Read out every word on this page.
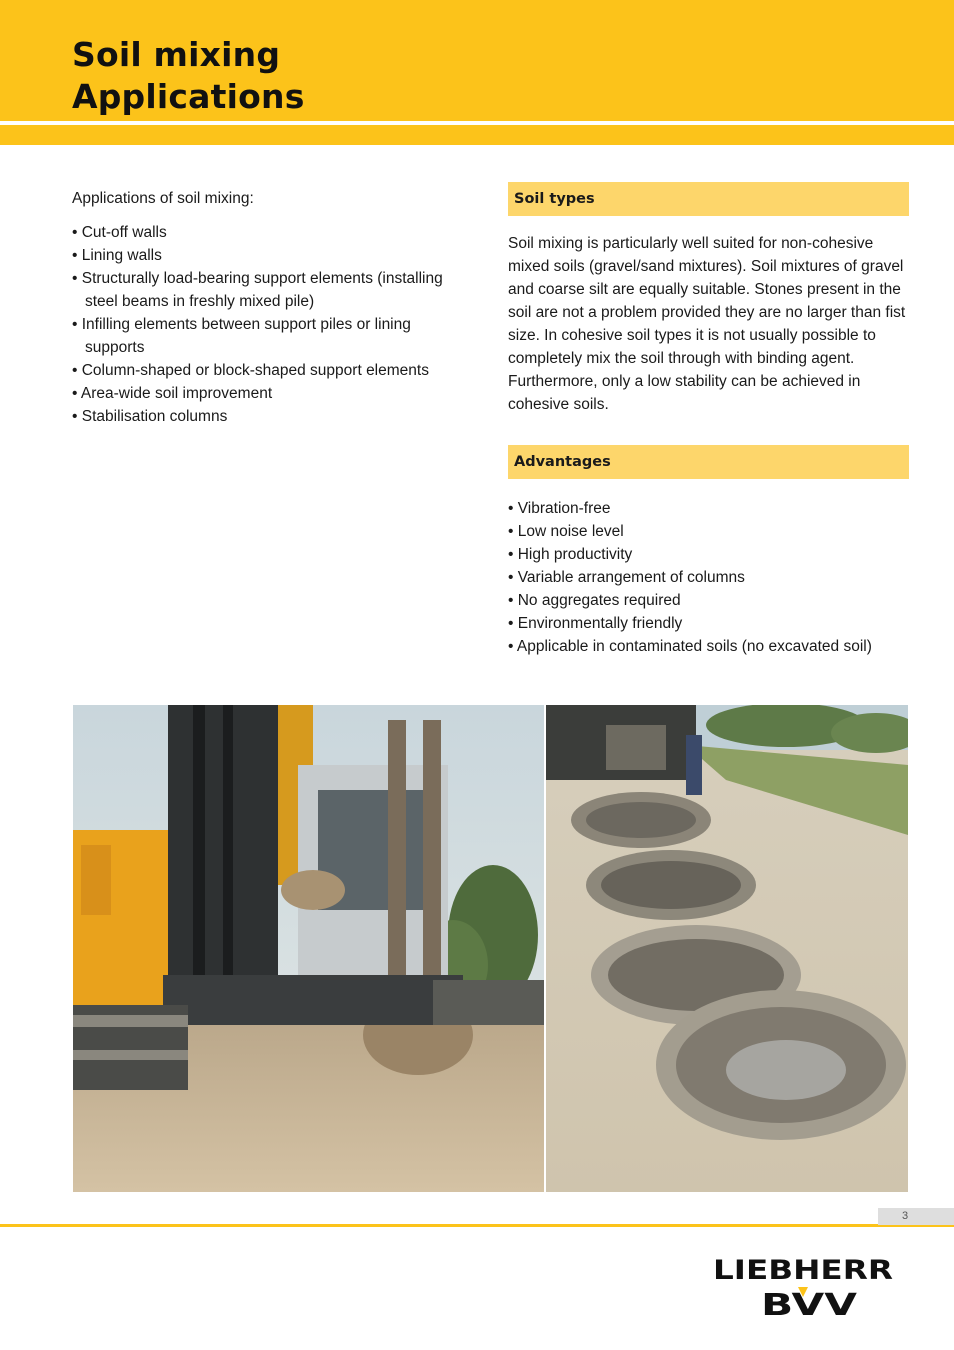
Soil mixing
Applications

Applications of soil mixing:

• Cut-off walls
• Lining walls
• Structurally load-bearing support elements (installing steel beams in freshly mixed pile)
• Infilling elements between support piles or lining supports
• Column-shaped or block-shaped support elements
• Area-wide soil improvement
• Stabilisation columns
Soil types

Soil mixing is particularly well suited for non-cohesive mixed soils (gravel/sand mixtures). Soil mixtures of gravel and coarse silt are equally suitable. Stones present in the soil are not a problem provided they are no larger than fist size. In cohesive soil types it is not usually possible to completely mix the soil through with binding agent. Furthermore, only a low stability can be achieved in cohesive soils.

Advantages
• Vibration-free
• Low noise level
• High productivity
• Variable arrangement of columns
• No aggregates required
• Environmentally friendly
• Applicable in contaminated soils (no excavated soil)
3
LIEBHERR
BVV
